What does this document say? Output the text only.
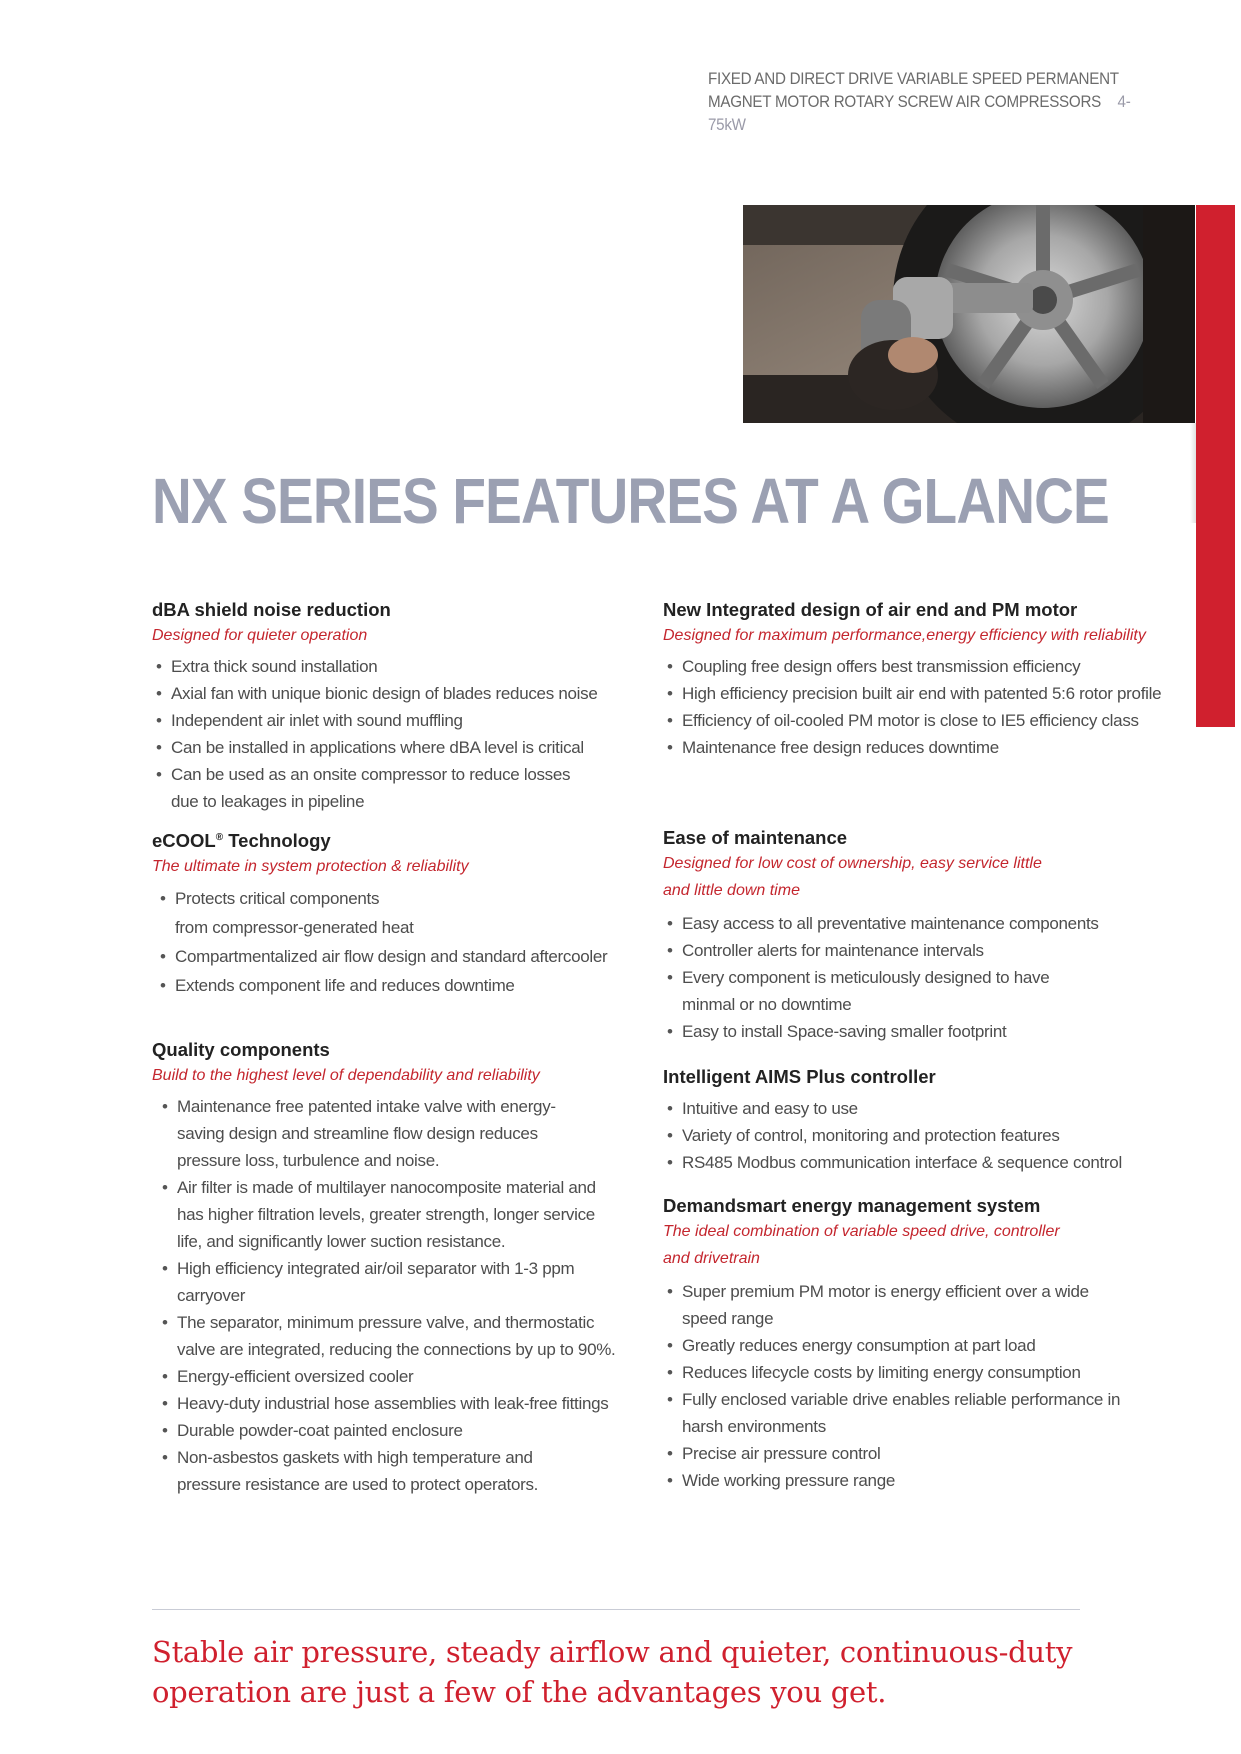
FIXED AND DIRECT DRIVE VARIABLE SPEED PERMANENT
MAGNET MOTOR ROTARY SCREW AIR COMPRESSORS 4-75kW
NX SERIES FEATURES AT A GLANCE
dBA shield noise reduction
Designed for quieter operation
• Extra thick sound installation
• Axial fan with unique bionic design of blades reduces noise
• Independent air inlet with sound muffling
• Can be installed in applications where dBA level is critical
• Can be used as an onsite compressor to reduce losses due to leakages in pipeline
eCOOL® Technology
The ultimate in system protection & reliability
• Protects critical components from compressor-generated heat
• Compartmentalized air flow design and standard aftercooler
• Extends component life and reduces downtime
Quality components
Build to the highest level of dependability and reliability
• Maintenance free patented intake valve with energy-saving design and streamline flow design reduces pressure loss, turbulence and noise.
• Air filter is made of multilayer nanocomposite material and has higher filtration levels, greater strength, longer service life, and significantly lower suction resistance.
• High efficiency integrated air/oil separator with 1-3 ppm carryover
• The separator, minimum pressure valve, and thermostatic valve are integrated, reducing the connections by up to 90%.
• Energy-efficient oversized cooler
• Heavy-duty industrial hose assemblies with leak-free fittings
• Durable powder-coat painted enclosure
• Non-asbestos gaskets with high temperature and pressure resistance are used to protect operators.
New Integrated design of air end and PM motor
Designed for maximum performance,energy efficiency with reliability
• Coupling free design offers best transmission efficiency
• High efficiency precision built air end with patented 5:6 rotor profile
• Efficiency of oil-cooled PM motor is close to IE5 efficiency class
• Maintenance free design reduces downtime
Ease of maintenance
Designed for low cost of ownership, easy service little and little down time
• Easy access to all preventative maintenance components
• Controller alerts for maintenance intervals
• Every component is meticulously designed to have minmal or no downtime
• Easy to install Space-saving smaller footprint
Intelligent AIMS Plus controller
• Intuitive and easy to use
• Variety of control, monitoring and protection features
• RS485 Modbus communication interface & sequence control
Demandsmart energy management system
The ideal combination of variable speed drive, controller and drivetrain
• Super premium PM motor is energy efficient over a wide speed range
• Greatly reduces energy consumption at part load
• Reduces lifecycle costs by limiting energy consumption
• Fully enclosed variable drive enables reliable performance in harsh environments
• Precise air pressure control
• Wide working pressure range

Stable air pressure, steady airflow and quieter, continuous-duty operation are just a few of the advantages you get.
